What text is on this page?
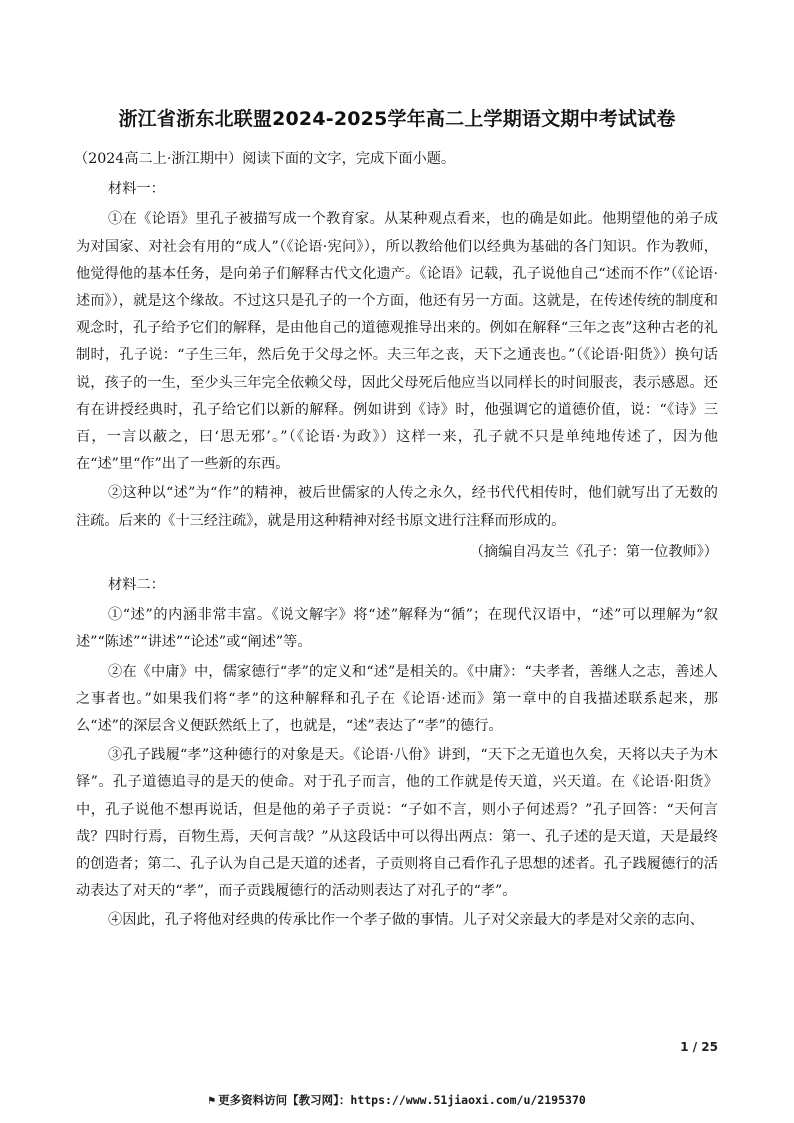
浙江省浙东北联盟2024-2025学年高二上学期语文期中考试试卷

（2024高二上·浙江期中）阅读下面的文字，完成下面小题。

材料一：

①在《论语》里孔子被描写成一个教育家。从某种观点看来，也的确是如此。他期望他的弟子成为对国家、对社会有用的“成人”（《论语·宪问》），所以教给他们以经典为基础的各门知识。作为教师，他觉得他的基本任务，是向弟子们解释古代文化遗产。《论语》记载，孔子说他自己“述而不作”（《论语·述而》），就是这个缘故。不过这只是孔子的一个方面，他还有另一方面。这就是，在传述传统的制度和观念时，孔子给予它们的解释，是由他自己的道德观推导出来的。例如在解释“三年之丧”这种古老的礼制时，孔子说：“子生三年，然后免于父母之怀。夫三年之丧，天下之通丧也。”（《论语·阳货》）换句话说，孩子的一生，至少头三年完全依赖父母，因此父母死后他应当以同样长的时间服丧，表示感恩。还有在讲授经典时，孔子给它们以新的解释。例如讲到《诗》时，他强调它的道德价值，说：“《诗》三百，一言以蔽之，曰‘思无邪’。”（《论语·为政》）这样一来，孔子就不只是单纯地传述了，因为他在“述”里“作”出了一些新的东西。

②这种以“述”为“作”的精神，被后世儒家的人传之永久，经书代代相传时，他们就写出了无数的注疏。后来的《十三经注疏》，就是用这种精神对经书原文进行注释而形成的。

（摘编自冯友兰《孔子：第一位教师》）

材料二：

①“述”的内涵非常丰富。《说文解字》将“述”解释为“循”；在现代汉语中，“述”可以理解为“叙述”“陈述”“讲述”“论述”或“阐述”等。

②在《中庸》中，儒家德行“孝”的定义和“述”是相关的。《中庸》：“夫孝者，善继人之志，善述人之事者也。”如果我们将“孝”的这种解释和孔子在《论语·述而》第一章中的自我描述联系起来，那么“述”的深层含义便跃然纸上了，也就是，“述”表达了“孝”的德行。

③孔子践履“孝”这种德行的对象是天。《论语·八佾》讲到，“天下之无道也久矣，天将以夫子为木铎”。孔子道德追寻的是天的使命。对于孔子而言，他的工作就是传天道，兴天道。在《论语·阳货》中，孔子说他不想再说话，但是他的弟子子贡说：“子如不言，则小子何述焉？”孔子回答：“天何言哉？四时行焉，百物生焉，天何言哉？”从这段话中可以得出两点：第一、孔子述的是天道，天是最终的创造者；第二、孔子认为自己是天道的述者，子贡则将自己看作孔子思想的述者。孔子践履德行的活动表达了对天的“孝”，而子贡践履德行的活动则表达了对孔子的“孝”。

④因此，孔子将他对经典的传承比作一个孝子做的事情。儿子对父亲最大的孝是对父亲的志向、

1 / 25
⚑ 更多资料访问【教习网】：https://www.51jiaoxi.com/u/2195370
